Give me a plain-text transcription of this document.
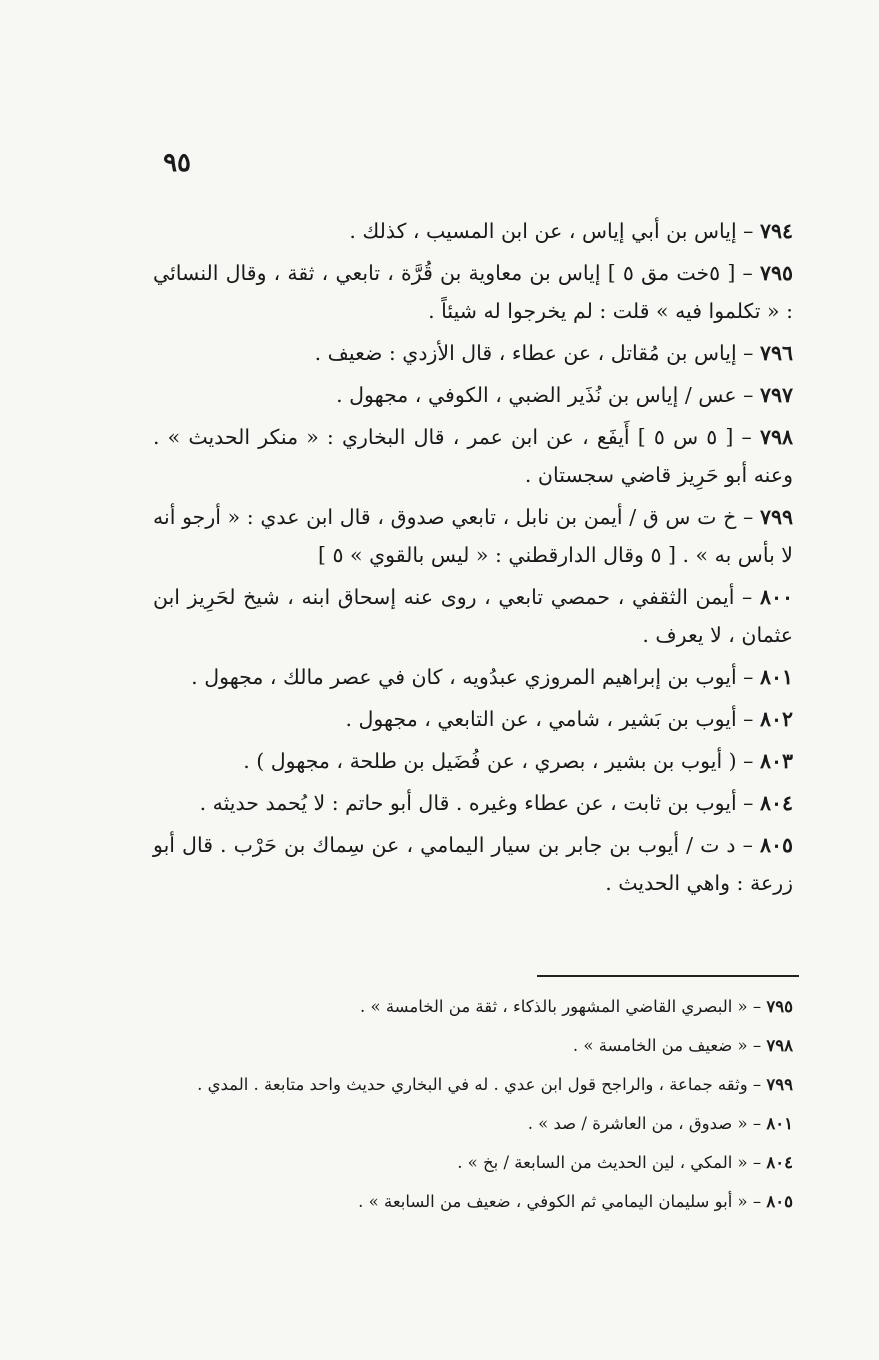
٩٥

٧٩٤ – إياس بن أبي إياس ، عن ابن المسيب ، كذلك .

٧٩٥ – [ ٥خت مق ٥ ] إياس بن معاوية بن قُرَّة ، تابعي ، ثقة ، وقال النسائي : « تكلموا فيه » قلت : لم يخرجوا له شيئاً .

٧٩٦ – إياس بن مُقاتل ، عن عطاء ، قال الأزدي : ضعيف .

٧٩٧ – عس / إياس بن نُذَير الضبي ، الكوفي ، مجهول .

٧٩٨ – [ ٥ س ٥ ] أَيفَع ، عن ابن عمر ، قال البخاري : « منكر الحديث » . وعنه أبو حَرِيز قاضي سجستان .

٧٩٩ – خ ت س ق / أيمن بن نابل ، تابعي صدوق ، قال ابن عدي : « أرجو أنه لا بأس به » . [ ٥ وقال الدارقطني : « ليس بالقوي » ٥ ]

٨٠٠ – أيمن الثقفي ، حمصي تابعي ، روى عنه إسحاق ابنه ، شيخ لحَرِيز ابن عثمان ، لا يعرف .

٨٠١ – أيوب بن إبراهيم المروزي عبدُويه ، كان في عصر مالك ، مجهول .

٨٠٢ – أيوب بن بَشير ، شامي ، عن التابعي ، مجهول .

٨٠٣ – ( أيوب بن بشير ، بصري ، عن فُضَيل بن طلحة ، مجهول ) .

٨٠٤ – أيوب بن ثابت ، عن عطاء وغيره . قال أبو حاتم : لا يُحمد حديثه .

٨٠٥ – د ت / أيوب بن جابر بن سيار اليمامي ، عن سِماك بن حَرْب . قال أبو زرعة : واهي الحديث .

٧٩٥ – « البصري القاضي المشهور بالذكاء ، ثقة من الخامسة » .

٧٩٨ – « ضعيف من الخامسة » .

٧٩٩ – وثقه جماعة ، والراجح قول ابن عدي . له في البخاري حديث واحد متابعة . المدي .

٨٠١ – « صدوق ، من العاشرة / صد » .

٨٠٤ – « المكي ، لين الحديث من السابعة / بخ » .

٨٠٥ – « أبو سليمان اليمامي ثم الكوفي ، ضعيف من السابعة » .
